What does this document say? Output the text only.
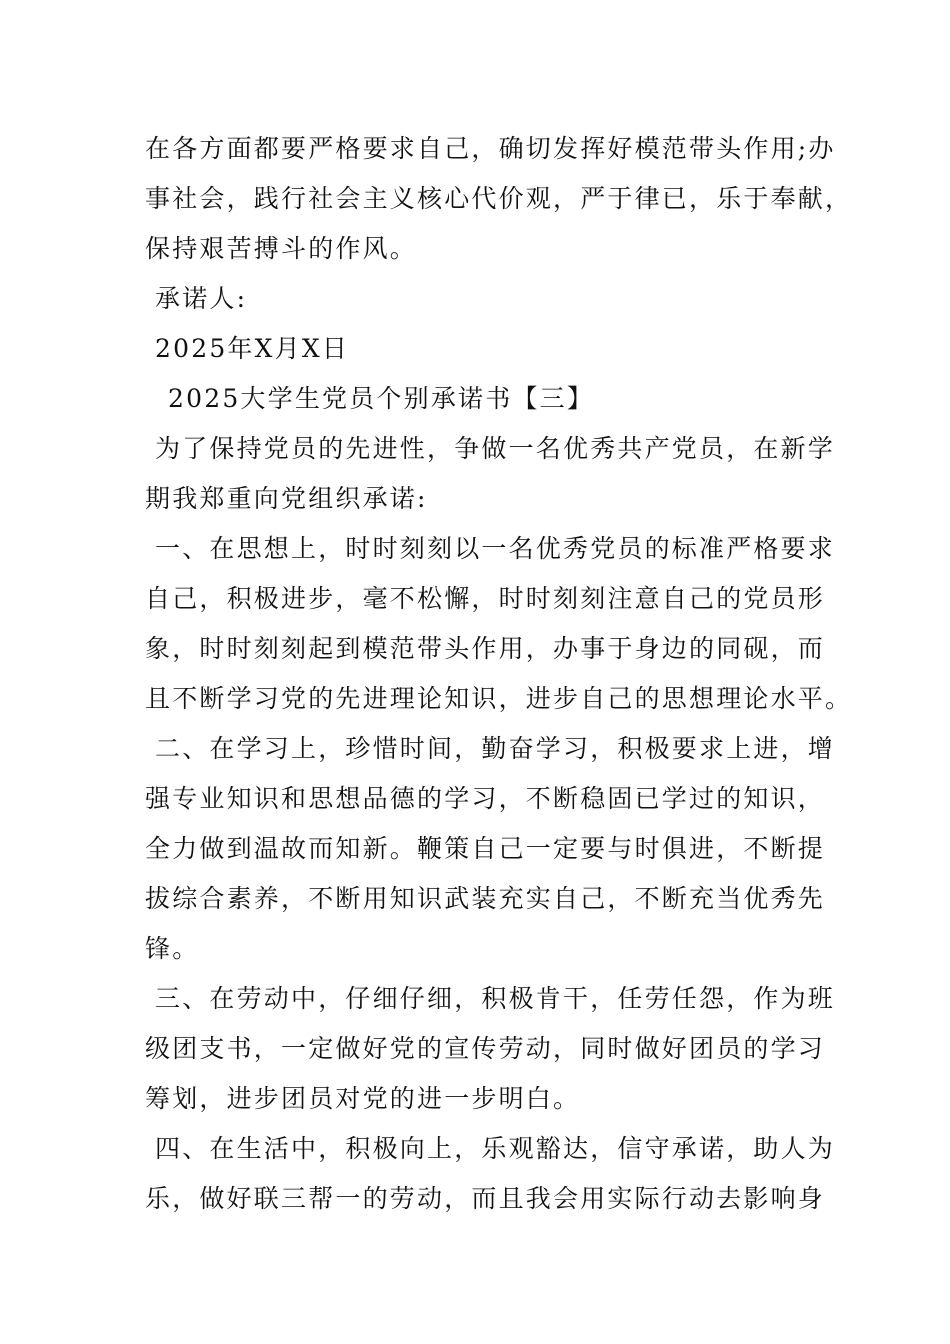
在各方面都要严格要求自己，确切发挥好模范带头作用;办
事社会，践行社会主义核心代价观，严于律已，乐于奉献，
保持艰苦搏斗的作风。
承诺人:
2025年X月X日
2025大学生党员个别承诺书【三】
为了保持党员的先进性，争做一名优秀共产党员，在新学
期我郑重向党组织承诺:
一、在思想上，时时刻刻以一名优秀党员的标准严格要求
自己，积极进步，毫不松懈，时时刻刻注意自己的党员形
象，时时刻刻起到模范带头作用，办事于身边的同砚，而
且不断学习党的先进理论知识，进步自己的思想理论水平。
二、在学习上，珍惜时间，勤奋学习，积极要求上进，增
强专业知识和思想品德的学习，不断稳固已学过的知识，
全力做到温故而知新。鞭策自己一定要与时俱进，不断提
拔综合素养，不断用知识武装充实自己，不断充当优秀先
锋。
三、在劳动中，仔细仔细，积极肯干，任劳任怨，作为班
级团支书，一定做好党的宣传劳动，同时做好团员的学习
筹划，进步团员对党的进一步明白。
四、在生活中，积极向上，乐观豁达，信守承诺，助人为
乐，做好联三帮一的劳动，而且我会用实际行动去影响身
